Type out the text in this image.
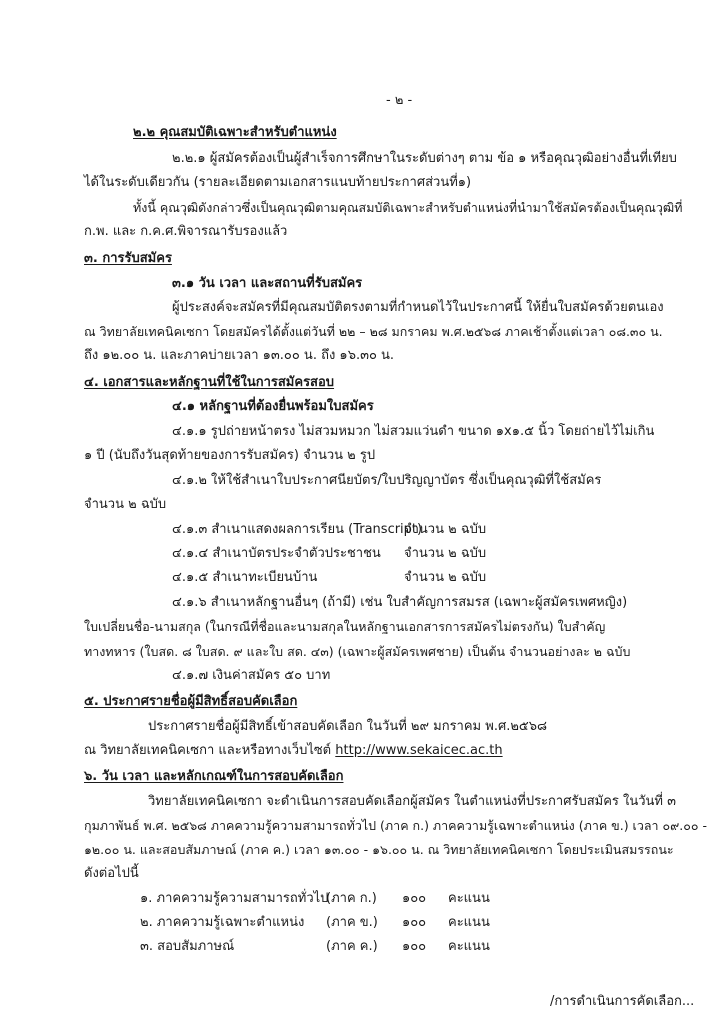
- ๒ -
๒.๒ คุณสมบัติเฉพาะสำหรับตำแหน่ง
๒.๒.๑ ผู้สมัครต้องเป็นผู้สำเร็จการศึกษาในระดับต่างๆ ตาม ข้อ ๑ หรือคุณวุฒิอย่างอื่นที่เทียบ
ได้ในระดับเดียวกัน (รายละเอียดตามเอกสารแนบท้ายประกาศส่วนที่๑)
ทั้งนี้ คุณวุฒิดังกล่าวซึ่งเป็นคุณวุฒิตามคุณสมบัติเฉพาะสำหรับตำแหน่งที่นำมาใช้สมัครต้องเป็นคุณวุฒิที่
ก.พ. และ ก.ค.ศ.พิจารณารับรองแล้ว
๓. การรับสมัคร
๓.๑ วัน เวลา และสถานที่รับสมัคร
ผู้ประสงค์จะสมัครที่มีคุณสมบัติตรงตามที่กำหนดไว้ในประกาศนี้ ให้ยื่นใบสมัครด้วยตนเอง
ณ วิทยาลัยเทคนิคเซกา โดยสมัครได้ตั้งแต่วันที่ ๒๒ – ๒๘ มกราคม พ.ศ.๒๕๖๘ ภาคเช้าตั้งแต่เวลา ๐๘.๓๐ น.
ถึง ๑๒.๐๐ น. และภาคบ่ายเวลา ๑๓.๐๐ น. ถึง ๑๖.๓๐ น.
๔. เอกสารและหลักฐานที่ใช้ในการสมัครสอบ
๔.๑ หลักฐานที่ต้องยื่นพร้อมใบสมัคร
๔.๑.๑ รูปถ่ายหน้าตรง ไม่สวมหมวก ไม่สวมแว่นดำ ขนาด ๑x๑.๕ นิ้ว โดยถ่ายไว้ไม่เกิน
๑ ปี (นับถึงวันสุดท้ายของการรับสมัคร) จำนวน ๒ รูป
๔.๑.๒ ให้ใช้สำเนาใบประกาศนียบัตร/ใบปริญญาบัตร ซึ่งเป็นคุณวุฒิที่ใช้สมัคร
จำนวน ๒ ฉบับ
๔.๑.๓ สำเนาแสดงผลการเรียน (Transcript)
จำนวน ๒ ฉบับ
๔.๑.๔ สำเนาบัตรประจำตัวประชาชน จำนวน ๒ ฉบับ
๔.๑.๕ สำเนาทะเบียนบ้าน	จำนวน ๒ ฉบับ
๔.๑.๖ สำเนาหลักฐานอื่นๆ (ถ้ามี) เช่น ใบสำคัญการสมรส (เฉพาะผู้สมัครเพศหญิง)
ใบเปลี่ยนชื่อ-นามสกุล (ในกรณีที่ชื่อและนามสกุลในหลักฐานเอกสารการสมัครไม่ตรงกัน) ใบสำคัญ
ทางทหาร (ใบสด. ๘ ใบสด. ๙ และใบ สด. ๔๓) (เฉพาะผู้สมัครเพศชาย) เป็นต้น จำนวนอย่างละ ๒ ฉบับ
๔.๑.๗ เงินค่าสมัคร ๕๐ บาท
๕. ประกาศรายชื่อผู้มีสิทธิ์สอบคัดเลือก
ประกาศรายชื่อผู้มีสิทธิ์เข้าสอบคัดเลือก ในวันที่ ๒๙ มกราคม พ.ศ.๒๕๖๘
ณ วิทยาลัยเทคนิคเซกา และหรือทางเว็บไซต์ http://www.sekaicec.ac.th
๖. วัน เวลา และหลักเกณฑ์ในการสอบคัดเลือก
วิทยาลัยเทคนิคเซกา จะดำเนินการสอบคัดเลือกผู้สมัคร ในตำแหน่งที่ประกาศรับสมัคร ในวันที่ ๓
กุมภาพันธ์ พ.ศ. ๒๕๖๘ ภาคความรู้ความสามารถทั่วไป (ภาค ก.) ภาคความรู้เฉพาะตำแหน่ง (ภาค ข.) เวลา ๐๙.๐๐ -
๑๒.๐๐ น. และสอบสัมภาษณ์ (ภาค ค.) เวลา ๑๓.๐๐ - ๑๖.๐๐ น. ณ วิทยาลัยเทคนิคเซกา โดยประเมินสมรรถนะ
ดังต่อไปนี้
๑. ภาคความรู้ความสามารถทั่วไป
(ภาค ก.) ๑๐๐ คะแนน
๒. ภาคความรู้เฉพาะตำแหน่ง (ภาค ข.) ๑๐๐ คะแนน
๓. สอบสัมภาษณ์	(ภาค ค.) ๑๐๐ คะแนน
/การดำเนินการคัดเลือก...
